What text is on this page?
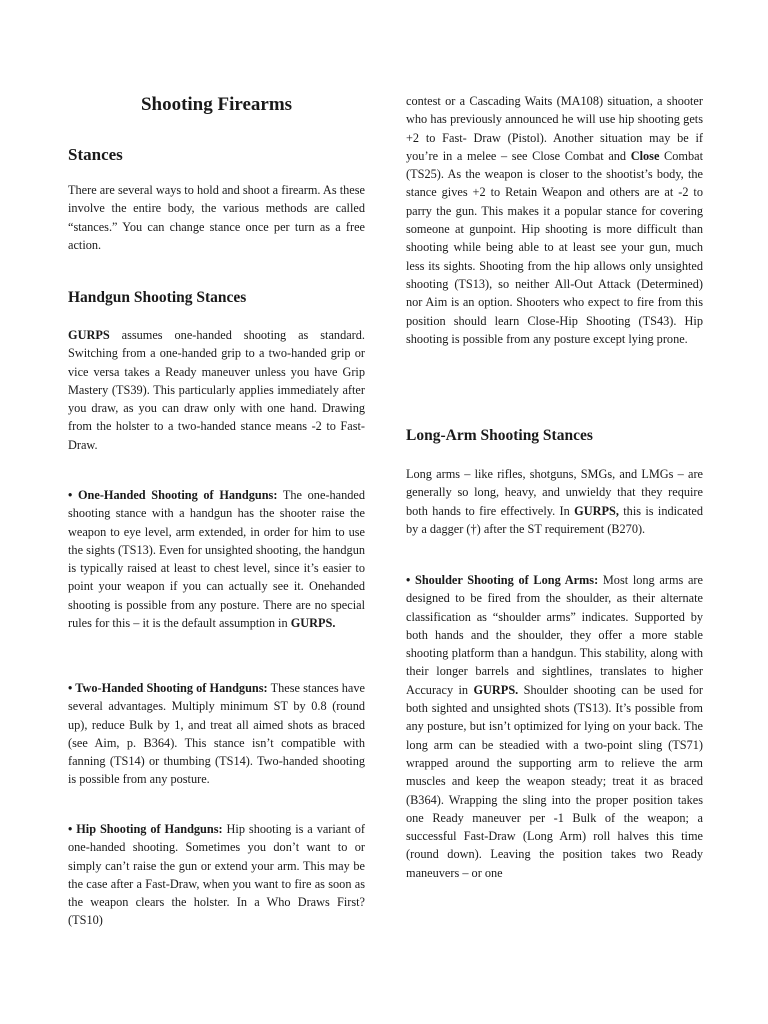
Shooting Firearms
Stances

There are several ways to hold and shoot a firearm. As these involve the entire body, the various methods are called “stances.” You can change stance once per turn as a free action.

Handgun Shooting Stances

GURPS assumes one-handed shooting as standard. Switching from a one-handed grip to a two-handed grip or vice versa takes a Ready maneuver unless you have Grip Mastery (TS39). This particularly applies immediately after you draw, as you can draw only with one hand. Drawing from the holster to a two-handed stance means -2 to Fast-Draw.

• One-Handed Shooting of Handguns: The one-handed shooting stance with a handgun has the shooter raise the weapon to eye level, arm extended, in order for him to use the sights (TS13). Even for unsighted shooting, the handgun is typically raised at least to chest level, since it’s easier to point your weapon if you can actually see it. Onehanded shooting is possible from any posture. There are no special rules for this – it is the default assumption in GURPS.

• Two-Handed Shooting of Handguns: These stances have several advantages. Multiply minimum ST by 0.8 (round up), reduce Bulk by 1, and treat all aimed shots as braced (see Aim, p. B364). This stance isn’t compatible with fanning (TS14) or thumbing (TS14). Two-handed shooting is possible from any posture.

• Hip Shooting of Handguns: Hip shooting is a variant of one-handed shooting. Sometimes you don’t want to or simply can’t raise the gun or extend your arm. This may be the case after a Fast-Draw, when you want to fire as soon as the weapon clears the holster. In a Who Draws First? (TS10)

contest or a Cascading Waits (MA108) situation, a shooter who has previously announced he will use hip shooting gets +2 to Fast- Draw (Pistol). Another situation may be if you’re in a melee – see Close Combat and Close Combat (TS25). As the weapon is closer to the shootist’s body, the stance gives +2 to Retain Weapon and others are at -2 to parry the gun. This makes it a popular stance for covering someone at gunpoint. Hip shooting is more difficult than shooting while being able to at least see your gun, much less its sights. Shooting from the hip allows only unsighted shooting (TS13), so neither All-Out Attack (Determined) nor Aim is an option. Shooters who expect to fire from this position should learn Close-Hip Shooting (TS43). Hip shooting is possible from any posture except lying prone.

Long-Arm Shooting Stances

Long arms – like rifles, shotguns, SMGs, and LMGs – are generally so long, heavy, and unwieldy that they require both hands to fire effectively. In GURPS, this is indicated by a dagger (†) after the ST requirement (B270).

• Shoulder Shooting of Long Arms: Most long arms are designed to be fired from the shoulder, as their alternate classification as “shoulder arms” indicates. Supported by both hands and the shoulder, they offer a more stable shooting platform than a handgun. This stability, along with their longer barrels and sightlines, translates to higher Accuracy in GURPS. Shoulder shooting can be used for both sighted and unsighted shots (TS13). It’s possible from any posture, but isn’t optimized for lying on your back. The long arm can be steadied with a two-point sling (TS71) wrapped around the supporting arm to relieve the arm muscles and keep the weapon steady; treat it as braced (B364). Wrapping the sling into the proper position takes one Ready maneuver per -1 Bulk of the weapon; a successful Fast-Draw (Long Arm) roll halves this time (round down). Leaving the position takes two Ready maneuvers – or one
